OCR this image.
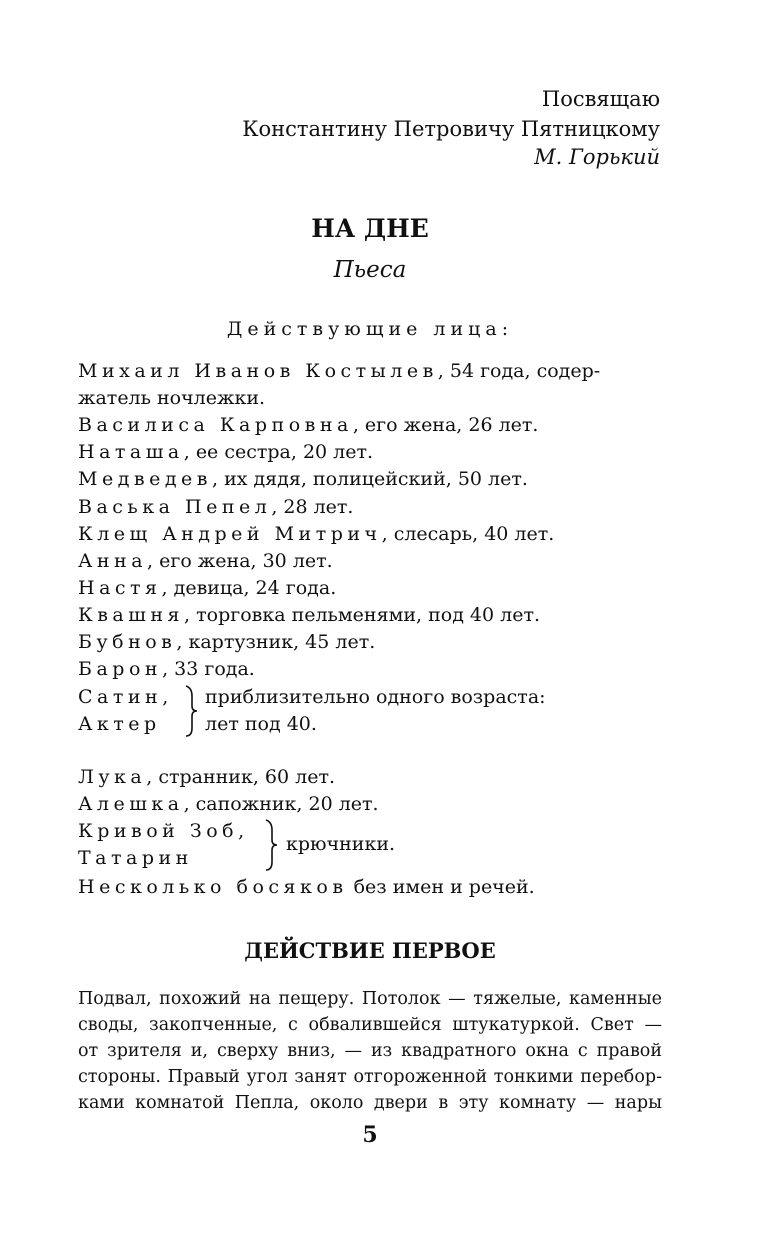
Посвящаю
Константину Петровичу Пятницкому
М. Горький
НА ДНЕ
Пьеса
Действующие лица:
Михаил Иванов Костылев, 54 года, содер-
жатель ночлежки.
Василиса Карповна, его жена, 26 лет.
Наташа, ее сестра, 20 лет.
Медведев, их дядя, полицейский, 50 лет.
Васька Пепел, 28 лет.
Клещ Андрей Митрич, слесарь, 40 лет.
Анна, его жена, 30 лет.
Настя, девица, 24 года.
Квашня, торговка пельменями, под 40 лет.
Бубнов, картузник, 45 лет.
Барон, 33 года.
Сатин,
Актер
приблизительно одного возраста:
лет под 40.
Лука, странник, 60 лет.
Алешка, сапожник, 20 лет.
Кривой Зоб,
Татарин
крючники.
Несколько босяков без имен и речей.
ДЕЙСТВИЕ ПЕРВОЕ
Подвал, похожий на пещеру. Потолок — тяжелые, каменные
своды, закопченные, с обвалившейся штукатуркой. Свет —
от зрителя и, сверху вниз, — из квадратного окна с правой
стороны. Правый угол занят отгороженной тонкими перебор-
ками комнатой Пепла, около двери в эту комнату — нары
5
